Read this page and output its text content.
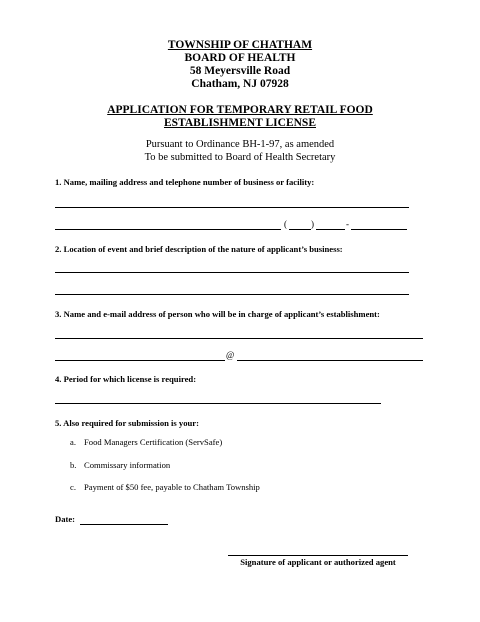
TOWNSHIP OF CHATHAM
BOARD OF HEALTH
58 Meyersville Road
Chatham, NJ 07928
APPLICATION FOR TEMPORARY RETAIL FOOD
ESTABLISHMENT LICENSE
Pursuant to Ordinance BH-1-97, as amended
To be submitted to Board of Health Secretary
1. Name, mailing address and telephone number of business or facility:
(	)	-
2. Location of event and brief description of the nature of applicant’s business:
3. Name and e-mail address of person who will be in charge of applicant’s establishment:
@
4. Period for which license is required:
5. Also required for submission is your:
a. Food Managers Certification (ServSafe)
b. Commissary information
c. Payment of $50 fee, payable to Chatham Township
Date:
Signature of applicant or authorized agent
